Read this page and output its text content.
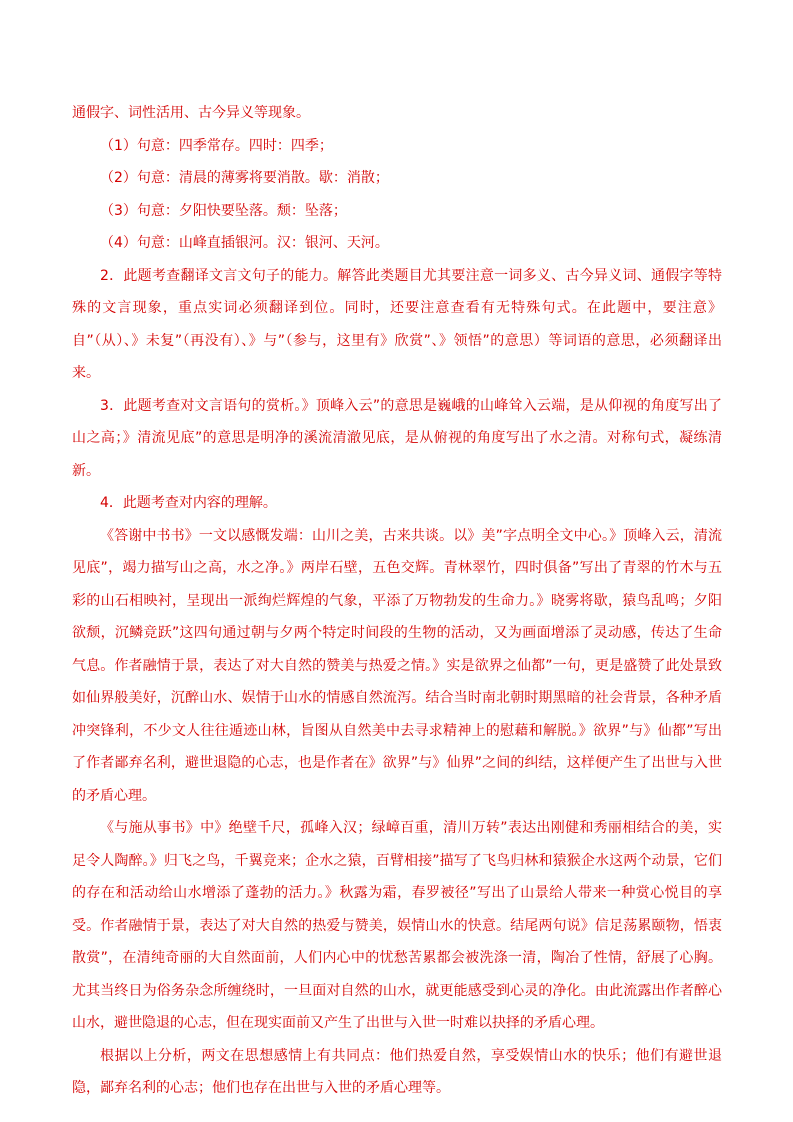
通假字、词性活用、古今异义等现象。

（1）句意：四季常存。四时：四季；

（2）句意：清晨的薄雾将要消散。歇：消散；

（3）句意：夕阳快要坠落。颓：坠落；

（4）句意：山峰直插银河。汉：银河、天河。

2．此题考查翻译文言文句子的能力。解答此类题目尤其要注意一词多义、古今异义词、通假字等特殊的文言现象，重点实词必须翻译到位。同时，还要注意查看有无特殊句式。在此题中，要注意》自”（从）、》未复”（再没有）、》与”（参与，这里有》欣赏”、》领悟”的意思）等词语的意思，必须翻译出来。

3．此题考查对文言语句的赏析。》顶峰入云”的意思是巍峨的山峰耸入云端，是从仰视的角度写出了山之高；》清流见底”的意思是明净的溪流清澈见底，是从俯视的角度写出了水之清。对称句式，凝练清新。

4．此题考查对内容的理解。

《答谢中书书》一文以感慨发端：山川之美，古来共谈。以》美”字点明全文中心。》顶峰入云，清流见底”，竭力描写山之高，水之净。》两岸石壁，五色交辉。青林翠竹，四时俱备”写出了青翠的竹木与五彩的山石相映衬，呈现出一派绚烂辉煌的气象，平添了万物勃发的生命力。》晓雾将歇，猿鸟乱鸣；夕阳欲颓，沉鳞竞跃”这四句通过朝与夕两个特定时间段的生物的活动，又为画面增添了灵动感，传达了生命气息。作者融情于景，表达了对大自然的赞美与热爱之情。》实是欲界之仙都”一句，更是盛赞了此处景致如仙界般美好，沉醉山水、娱情于山水的情感自然流泻。结合当时南北朝时期黑暗的社会背景，各种矛盾冲突锋利，不少文人往往遁迹山林，旨图从自然美中去寻求精神上的慰藉和解脱。》欲界”与》仙都”写出了作者鄙弃名利，避世退隐的心志，也是作者在》欲界”与》仙界”之间的纠结，这样便产生了出世与入世的矛盾心理。

《与施从事书》中》绝壁千尺，孤峰入汉；绿嶂百重，清川万转”表达出刚健和秀丽相结合的美，实足令人陶醉。》归飞之鸟，千翼竞来；企水之猿，百臂相接”描写了飞鸟归林和猿猴企水这两个动景，它们的存在和活动给山水增添了蓬勃的活力。》秋露为霜，春罗被径”写出了山景给人带来一种赏心悦目的享受。作者融情于景，表达了对大自然的热爱与赞美，娱情山水的快意。结尾两句说》信足荡累颐物，悟衷散赏”，在清纯奇丽的大自然面前，人们内心中的忧愁苦累都会被洗涤一清，陶冶了性情，舒展了心胸。尤其当终日为俗务杂念所缠绕时，一旦面对自然的山水，就更能感受到心灵的净化。由此流露出作者醉心山水，避世隐退的心志，但在现实面前又产生了出世与入世一时难以抉择的矛盾心理。

根据以上分析，两文在思想感情上有共同点：他们热爱自然，享受娱情山水的快乐；他们有避世退隐，鄙弃名利的心志；他们也存在出世与入世的矛盾心理等。
